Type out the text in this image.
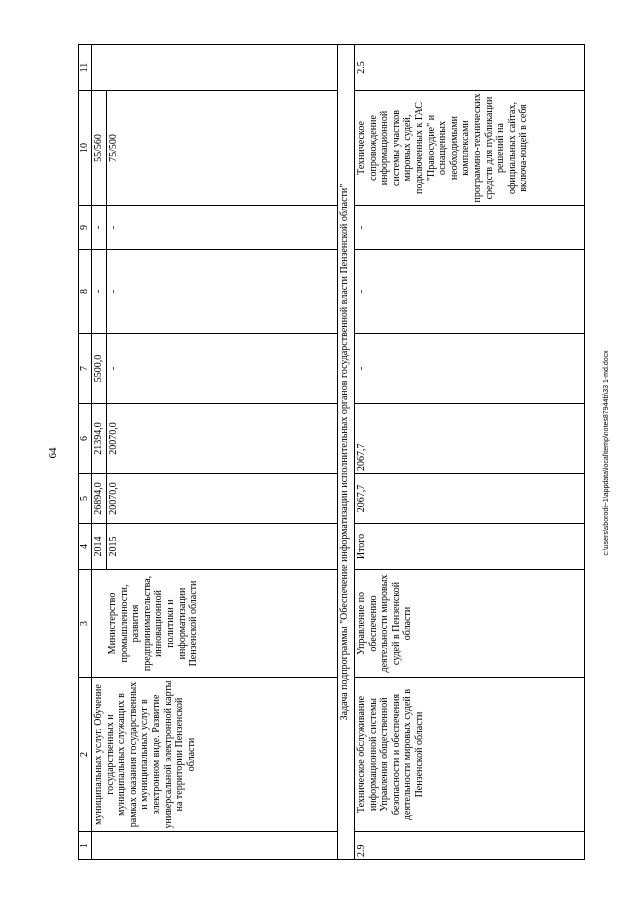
64
1	2	3	4	5	6	7	8	9	10	11
	муниципальных услуг. Обучение государственных и муниципальных служащих в рамках оказания государственных и муниципальных услуг в электронном виде. Развитие универсальной электронной карты на территории Пензенской области		2014	26894,0	21394,0	5500,0	-	-	55/560	
		Министерство промышленности, развития предпринимательства, инновационной политики и информатизации Пензенской области	2015	20070,0	20070,0	-	-	-	75/500	
Задача подпрограммы "Обеспечение информатизации исполнительных органов государственной власти Пензенской области"										
2.9	Техническое обслуживание информационной системы Управления общественной безопасности и обеспечения деятельности мировых судей в Пензенской области	Управление по обеспечению деятельности мировых судей в Пензенской области	Итого	2067,7	2067,7	-	-	-	Техническое сопровождение информационной системы участков мировых судей, подключенных к ГАС "Правосудие" и оснащенных необходимыми комплексами программно-технических средств для публикации решений на официальных сайтах, включа-ющей в себя	2.5
c:\users\sborodi~1\appdata\local\temp\notes87944b\33 1-md.docx
